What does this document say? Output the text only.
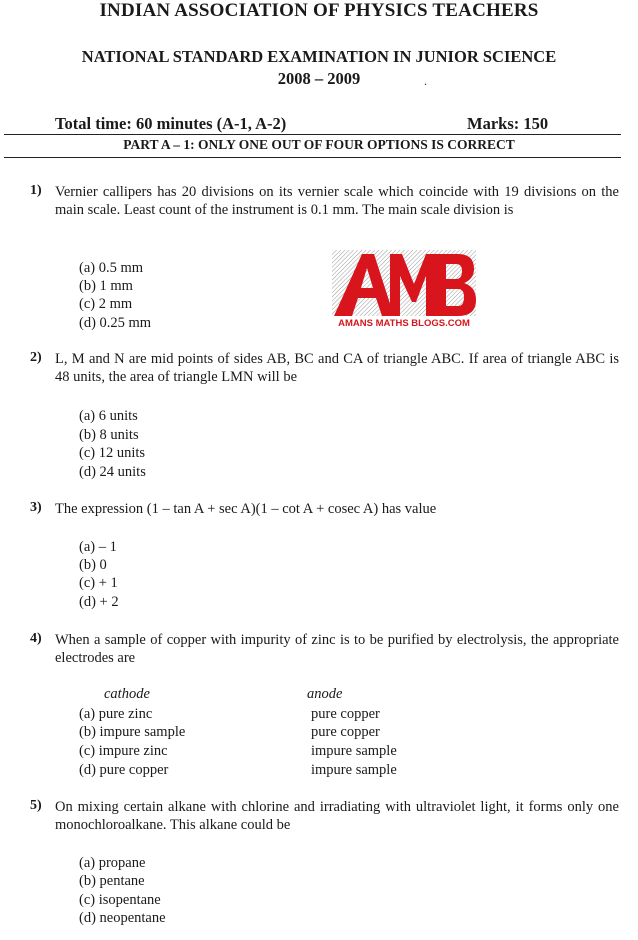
INDIAN ASSOCIATION OF PHYSICS TEACHERS
NATIONAL STANDARD EXAMINATION IN JUNIOR SCIENCE
2008 – 2009	.
Total time: 60 minutes (A-1, A-2)	Marks: 150
PART A – 1: ONLY ONE OUT OF FOUR OPTIONS IS CORRECT
1) Vernier callipers has 20 divisions on its vernier scale which coincide with 19 divisions on the main scale. Least count of the instrument is 0.1 mm. The main scale division is
(a) 0.5 mm
(b) 1 mm
(c) 2 mm
(d) 0.25 mm	AMANS MATHS BLOGS.COM
2) L, M and N are mid points of sides AB, BC and CA of triangle ABC. If area of triangle ABC is 48 units, the area of triangle LMN will be
(a) 6 units
(b) 8 units
(c) 12 units
(d) 24 units
3) The expression (1 – tan A + sec A)(1 – cot A + cosec A) has value
(a) – 1
(b) 0
(c) + 1
(d) + 2
4) When a sample of copper with impurity of zinc is to be purified by electrolysis, the appropriate electrodes are
cathode	anode
(a) pure zinc	pure copper
(b) impure sample	pure copper
(c) impure zinc	impure sample
(d) pure copper	impure sample
5) On mixing certain alkane with chlorine and irradiating with ultraviolet light, it forms only one monochloroalkane. This alkane could be
(a) propane
(b) pentane
(c) isopentane
(d) neopentane
